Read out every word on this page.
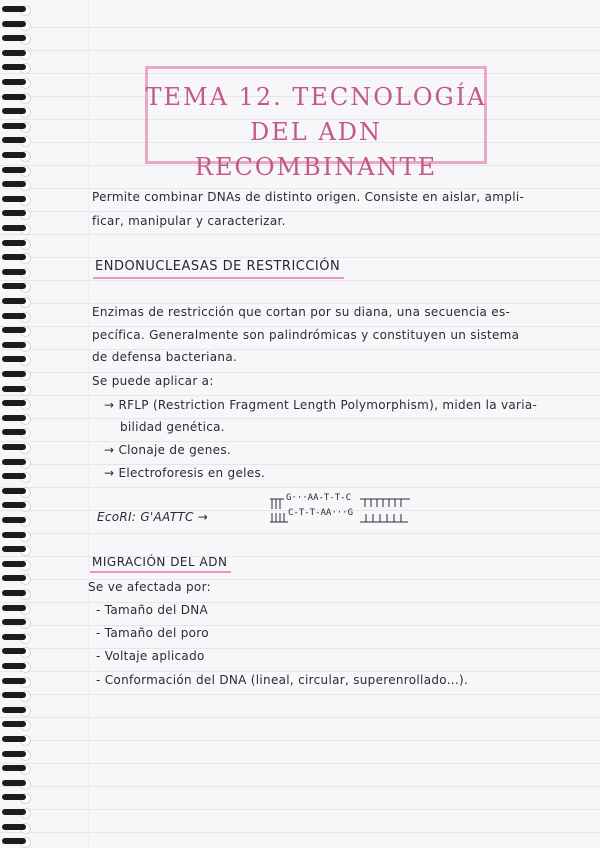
TEMA 12. TECNOLOGÍA
DEL ADN RECOMBINANTE
Permite combinar DNAs de distinto origen. Consiste en aislar, ampli-
ficar, manipular y caracterizar.
ENDONUCLEASAS DE RESTRICCIÓN
Enzimas de restricción que cortan por su diana, una secuencia es-
pecífica. Generalmente son palindrómicas y constituyen un sistema
de defensa bacteriana.
Se puede aplicar a:
→ RFLP (Restriction Fragment Length Polymorphism), miden la varia-
bilidad genética.
→ Clonaje de genes.
→ Electroforesis en geles.
EcoRI: G'AATTC →
G···AA-T-T-C
C-T-T-AA···G
MIGRACIÓN DEL ADN
Se ve afectada por:
- Tamaño del DNA
- Tamaño del poro
- Voltaje aplicado
- Conformación del DNA (lineal, circular, superenrollado...).
